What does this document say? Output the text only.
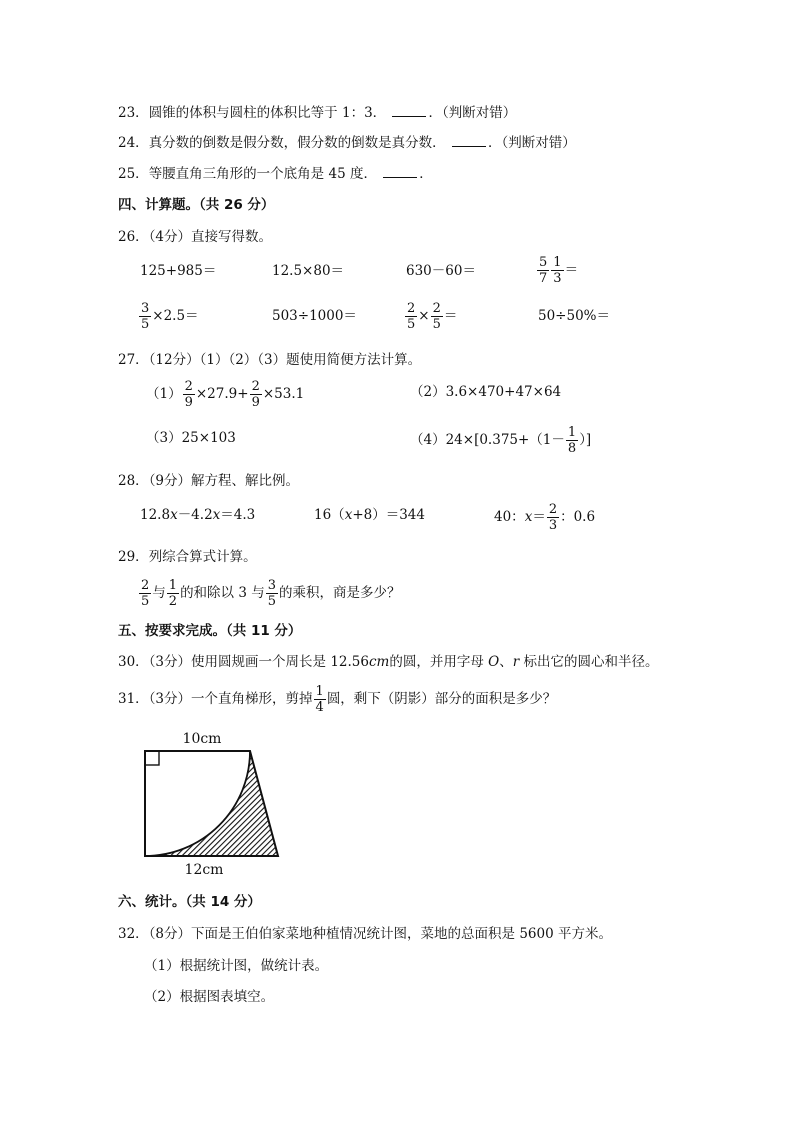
23．圆锥的体积与圆柱的体积比等于 1：3．	．（判断对错）
24．真分数的倒数是假分数，假分数的倒数是真分数．	．（判断对错）
25．等腰直角三角形的一个底角是 45 度．	．
四、计算题。（共 26 分）
26．（4分）直接写得数。
125+985＝	12.5×80＝	630－60＝	$\frac{5}{7} \frac{1}{3}$ ＝
$\frac{3}{5} \times 2.5=$	503÷1000＝	$\frac{2}{5} \times \frac{2}{5}$ ＝	50÷50%＝
27．（12分）（1）（2）（3）题使用简便方法计算。
$(1) \frac{2}{9} \times 27.9+ \frac{2}{9} \times 53.1$	（2）3.6×470+47×64
（3）25×103	$(4)24\times[0.375+(1- \frac{1}{8}$ ）]
28．（9分）解方程、解比例。
12.8x－4.2x＝4.3	16（x+8）＝344	40：$x= \frac{2}{3}$ ：0.6
29．列综合算式计算。
$\frac{2}{5}$ 与 $\frac{1}{2}$ 的和除以 3 与 $\frac{3}{5}$ 的乘积，商是多少？
五、按要求完成。（共 11 分）
30．（3分）使用圆规画一个周长是 12.56cm的圆，并用字母 O、r 标出它的圆心和半径。
31．（3分）一个直角梯形，剪掉 $\frac{1}{4}$ 圆，剩下（阴影）部分的面积是多少？
10cm
12cm
六、统计。（共 14 分）
32．（8分）下面是王伯伯家菜地种植情况统计图，菜地的总面积是 5600 平方米。
（1）根据统计图，做统计表。
（2）根据图表填空。
